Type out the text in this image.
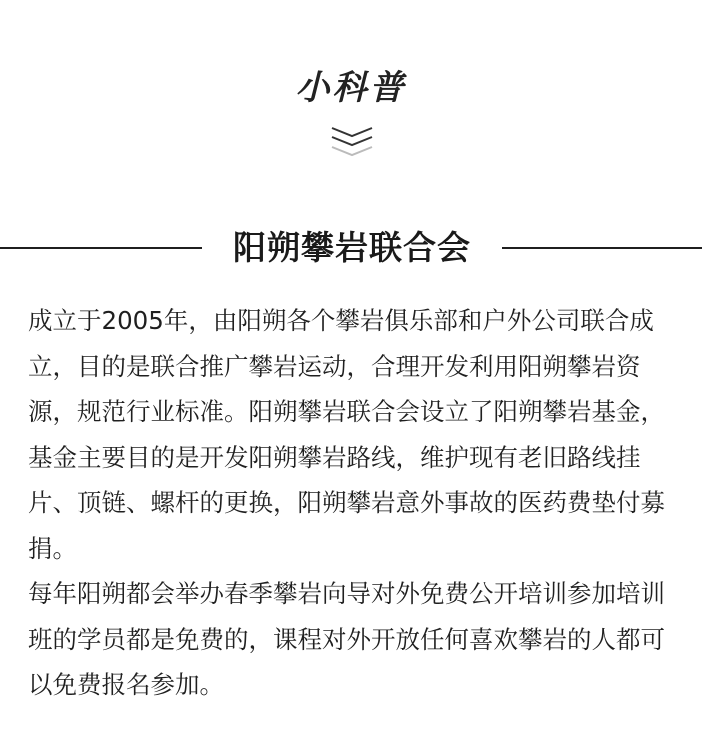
小科普
阳朔攀岩联合会

成立于2005年，由阳朔各个攀岩俱乐部和户外公司联合成立，目的是联合推广攀岩运动，合理开发利用阳朔攀岩资源，规范行业标准。阳朔攀岩联合会设立了阳朔攀岩基金，基金主要目的是开发阳朔攀岩路线，维护现有老旧路线挂片、顶链、螺杆的更换，阳朔攀岩意外事故的医药费垫付募捐。

每年阳朔都会举办春季攀岩向导对外免费公开培训参加培训班的学员都是免费的，课程对外开放任何喜欢攀岩的人都可以免费报名参加。
